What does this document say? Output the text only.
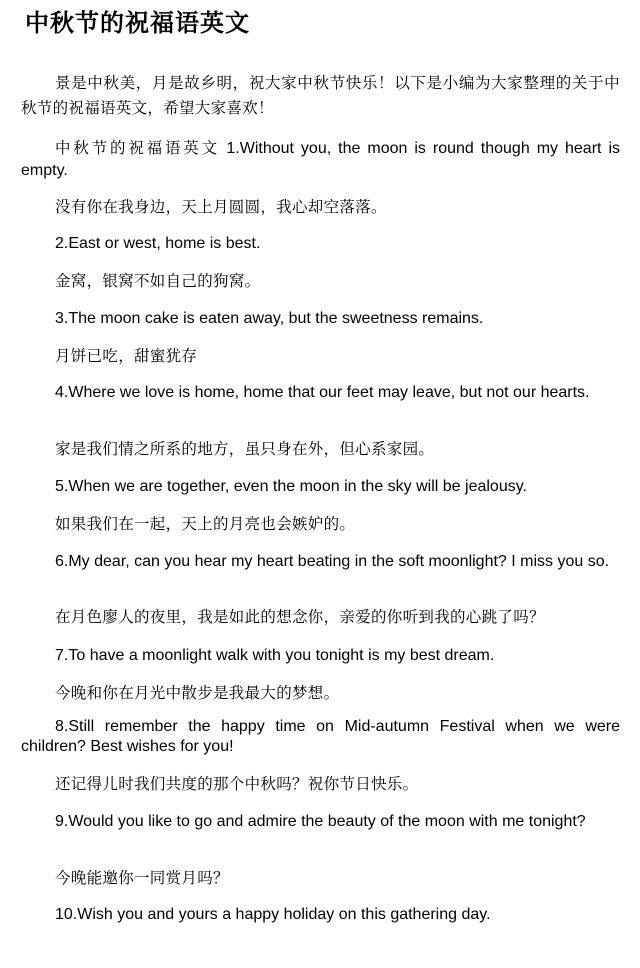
中秋节的祝福语英文

景是中秋美，月是故乡明，祝大家中秋节快乐！以下是小编为大家整理的关于中秋节的祝福语英文，希望大家喜欢！

中秋节的祝福语英文 1.Without you, the moon is round though my heart is empty.

没有你在我身边，天上月圆圆，我心却空落落。

2.East or west, home is best.

金窝，银窝不如自己的狗窝。

3.The moon cake is eaten away, but the sweetness remains.

月饼已吃，甜蜜犹存

4.Where we love is home, home that our feet may leave, but not our hearts.

家是我们情之所系的地方，虽只身在外，但心系家园。

5.When we are together, even the moon in the sky will be jealousy.

如果我们在一起，天上的月亮也会嫉妒的。

6.My dear, can you hear my heart beating in the soft moonlight? I miss you so.

在月色廖人的夜里，我是如此的想念你，亲爱的你听到我的心跳了吗？

7.To have a moonlight walk with you tonight is my best dream.

今晚和你在月光中散步是我最大的梦想。

8.Still remember the happy time on Mid-autumn Festival when we were children? Best wishes for you!

还记得儿时我们共度的那个中秋吗？祝你节日快乐。

9.Would you like to go and admire the beauty of the moon with me tonight?

今晚能邀你一同赏月吗？

10.Wish you and yours a happy holiday on this gathering day.
